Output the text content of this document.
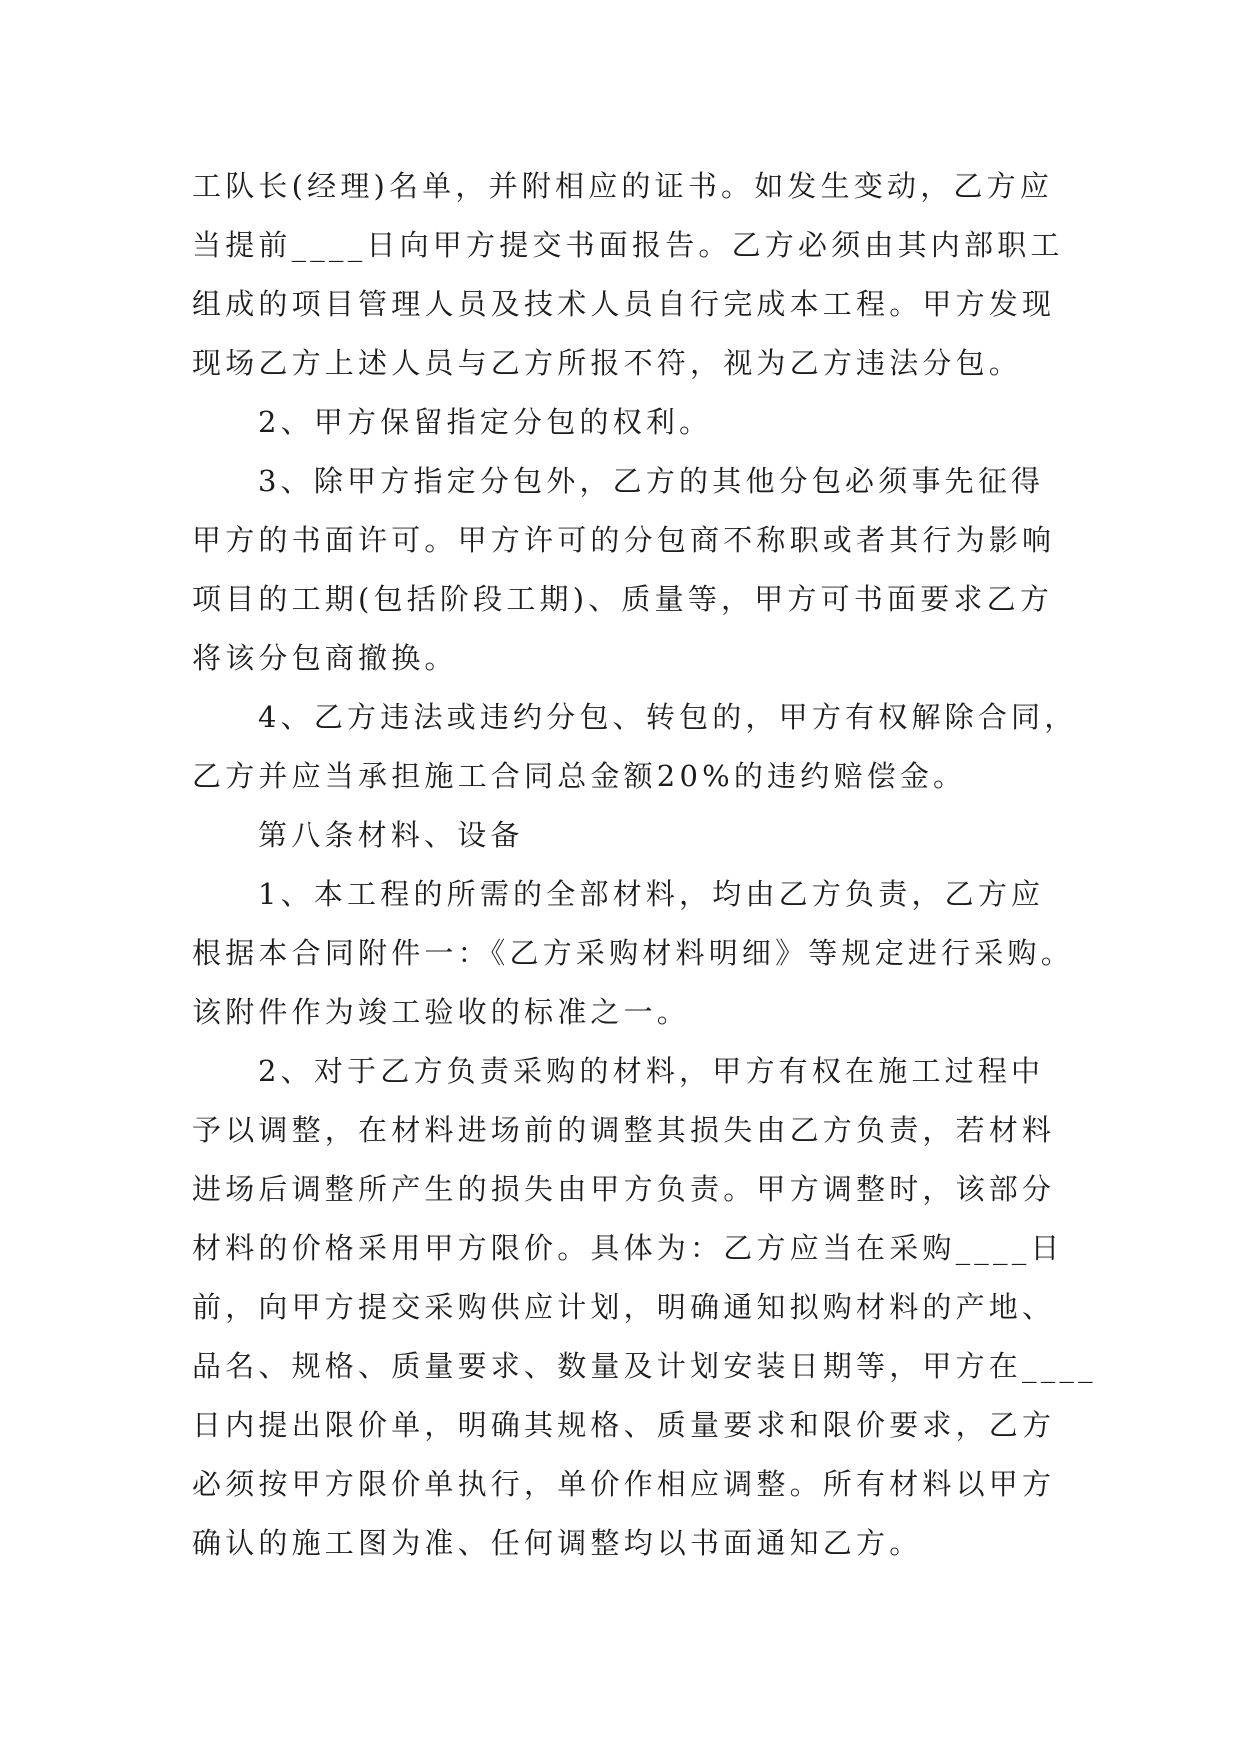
工队长(经理)名单，并附相应的证书。如发生变动，乙方应
当提前____日向甲方提交书面报告。乙方必须由其内部职工
组成的项目管理人员及技术人员自行完成本工程。甲方发现
现场乙方上述人员与乙方所报不符，视为乙方违法分包。
2、甲方保留指定分包的权利。
3、除甲方指定分包外，乙方的其他分包必须事先征得
甲方的书面许可。甲方许可的分包商不称职或者其行为影响
项目的工期(包括阶段工期)、质量等，甲方可书面要求乙方
将该分包商撤换。
4、乙方违法或违约分包、转包的，甲方有权解除合同，
乙方并应当承担施工合同总金额20%的违约赔偿金。
第八条材料、设备
1、本工程的所需的全部材料，均由乙方负责，乙方应
根据本合同附件一：《乙方采购材料明细》等规定进行采购。
该附件作为竣工验收的标准之一。
2、对于乙方负责采购的材料，甲方有权在施工过程中
予以调整，在材料进场前的调整其损失由乙方负责，若材料
进场后调整所产生的损失由甲方负责。甲方调整时，该部分
材料的价格采用甲方限价。具体为：乙方应当在采购____日
前，向甲方提交采购供应计划，明确通知拟购材料的产地、
品名、规格、质量要求、数量及计划安装日期等，甲方在____
日内提出限价单，明确其规格、质量要求和限价要求，乙方
必须按甲方限价单执行，单价作相应调整。所有材料以甲方
确认的施工图为准、任何调整均以书面通知乙方。
